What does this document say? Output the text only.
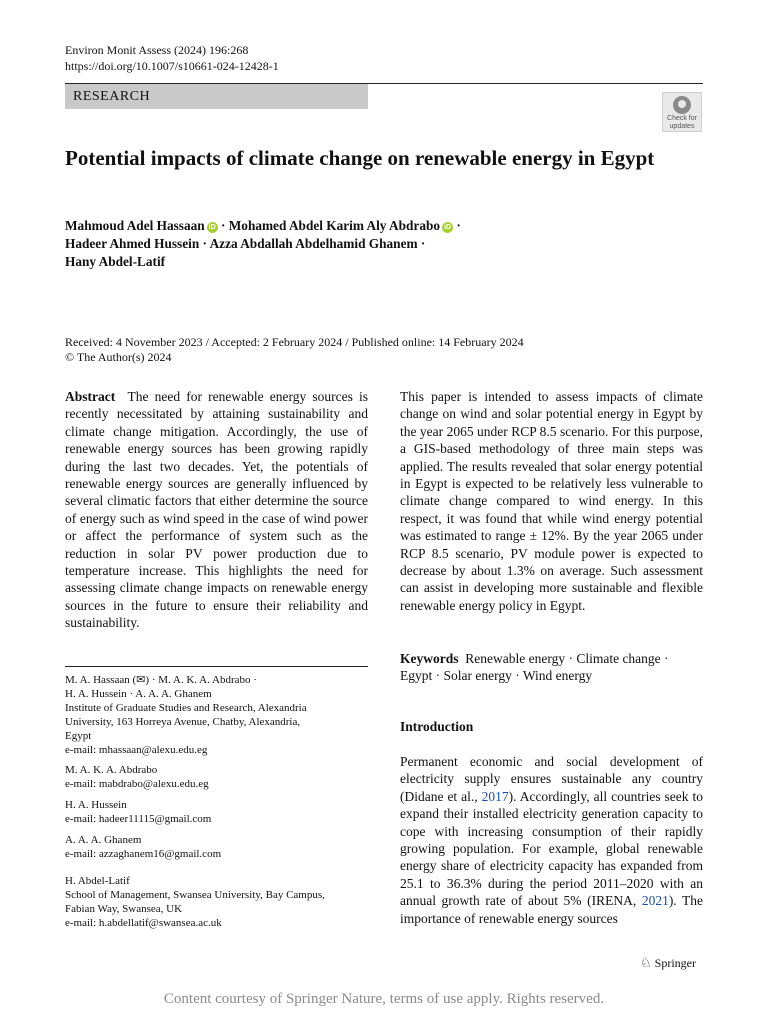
Environ Monit Assess (2024) 196:268
https://doi.org/10.1007/s10661-024-12428-1
RESEARCH
Check for
updates
Potential impacts of climate change on renewable energy in Egypt
Mahmoud Adel Hassaan iD · Mohamed Abdel Karim Aly Abdrabo iD ·
Hadeer Ahmed Hussein · Azza Abdallah Abdelhamid Ghanem ·
Hany Abdel-Latif
Received: 4 November 2023 / Accepted: 2 February 2024 / Published online: 14 February 2024
© The Author(s) 2024
Abstract The need for renewable energy sources is recently necessitated by attaining sustainability and climate change mitigation. Accordingly, the use of renewable energy sources has been growing rapidly during the last two decades. Yet, the potentials of renewable energy sources are generally influenced by several climatic factors that either determine the source of energy such as wind speed in the case of wind power or affect the performance of system such as the reduction in solar PV power production due to temperature increase. This highlights the need for assessing climate change impacts on renewable energy sources in the future to ensure their reliability and sustainability.
This paper is intended to assess impacts of climate change on wind and solar potential energy in Egypt by the year 2065 under RCP 8.5 scenario. For this purpose, a GIS-based methodology of three main steps was applied. The results revealed that solar energy potential in Egypt is expected to be relatively less vulnerable to climate change compared to wind energy. In this respect, it was found that while wind energy potential was estimated to range ± 12%. By the year 2065 under RCP 8.5 scenario, PV module power is expected to decrease by about 1.3% on average. Such assessment can assist in developing more sustainable and flexible renewable energy policy in Egypt.
Keywords Renewable energy · Climate change · Egypt · Solar energy · Wind energy
Introduction
Permanent economic and social development of electricity supply ensures sustainable any country (Didane et al., 2017). Accordingly, all countries seek to expand their installed electricity generation capacity to cope with increasing consumption of their rapidly growing population. For example, global renewable energy share of electricity capacity has expanded from 25.1 to 36.3% during the period 2011–2020 with an annual growth rate of about 5% (IRENA, 2021). The importance of renewable energy sources
M. A. Hassaan (✉) · M. A. K. A. Abdrabo ·
H. A. Hussein · A. A. A. Ghanem
Institute of Graduate Studies and Research, Alexandria
University, 163 Horreya Avenue, Chatby, Alexandria,
Egypt
e-mail: mhassaan@alexu.edu.eg
M. A. K. A. Abdrabo
e-mail: mabdrabo@alexu.edu.eg
H. A. Hussein
e-mail: hadeer11115@gmail.com
A. A. A. Ghanem
e-mail: azzaghanem16@gmail.com
H. Abdel-Latif
School of Management, Swansea University, Bay Campus,
Fabian Way, Swansea, UK
e-mail: h.abdellatif@swansea.ac.uk
♘ Springer
Content courtesy of Springer Nature, terms of use apply. Rights reserved.
